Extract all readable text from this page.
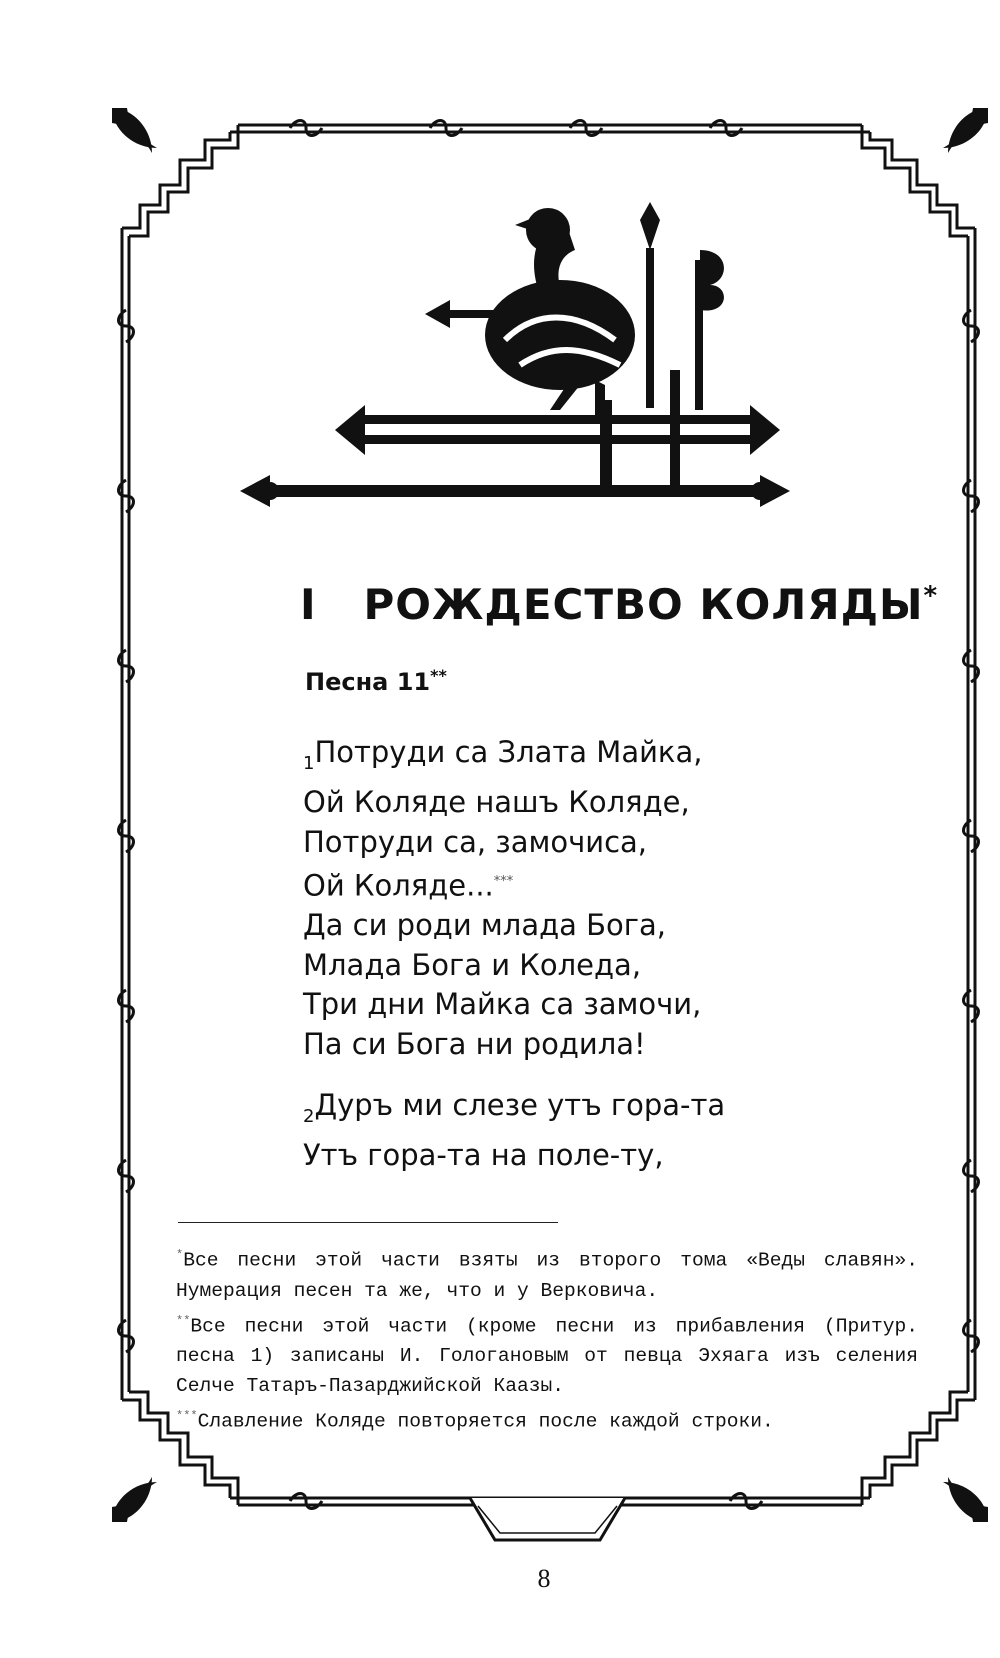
I РОЖДЕСТВО КОЛЯДЫ*
Песна 11**
$_1$Потруди са Злата Майка,
Ой Коляде нашъ Коляде,
Потруди са, замочиса,
Ой Коляде...***
Да си роди млада Бога,
Млада Бога и Коледа,
Три дни Майка са замочи,
Па си Бога ни родила!
$_2$Дуръ ми слезе утъ гора-та
Утъ гора-та на поле-ту,

*Все песни этой части взяты из второго тома «Веды славян». Нумерация песен та же, что и у Верковича.

**Все песни этой части (кроме песни из прибавления (Притур. песна 1) записаны И. Гологановым от певца Эхяага изъ селения Селче Татаръ-Пазарджийской Каазы.

***Славление Коляде повторяется после каждой строки.

8
